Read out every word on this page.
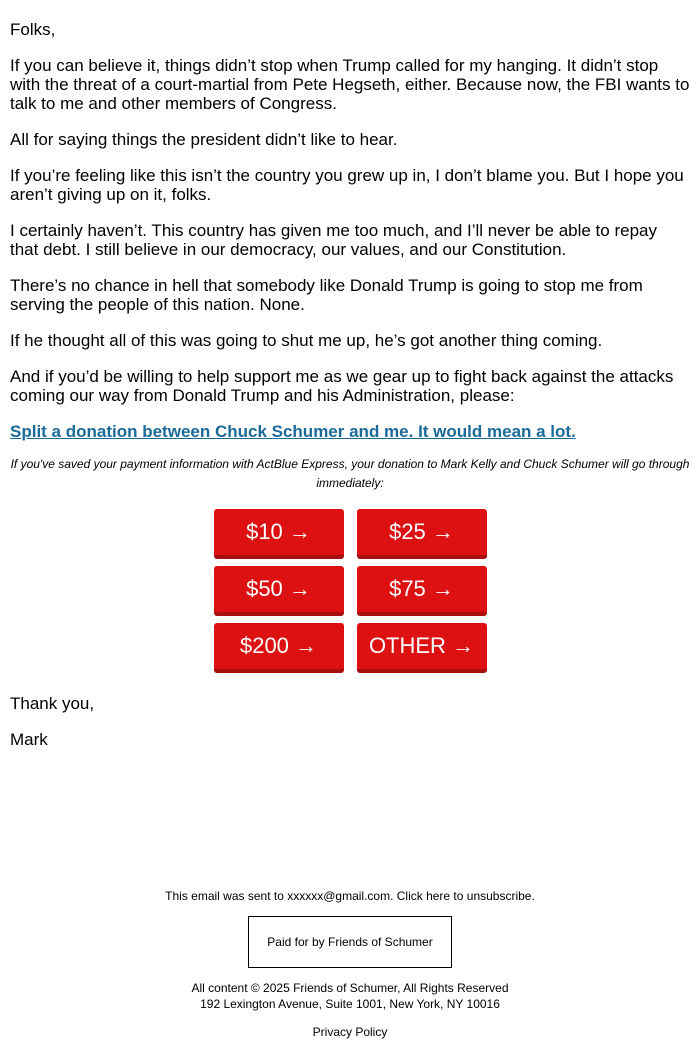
Folks,
If you can believe it, things didn’t stop when Trump called for my hanging. It didn’t stop with the threat of a court-martial from Pete Hegseth, either. Because now, the FBI wants to talk to me and other members of Congress.
All for saying things the president didn’t like to hear.
If you’re feeling like this isn’t the country you grew up in, I don’t blame you. But I hope you aren’t giving up on it, folks.
I certainly haven’t. This country has given me too much, and I’ll never be able to repay that debt. I still believe in our democracy, our values, and our Constitution.
There’s no chance in hell that somebody like Donald Trump is going to stop me from serving the people of this nation. None.
If he thought all of this was going to shut me up, he’s got another thing coming.
And if you’d be willing to help support me as we gear up to fight back against the attacks coming our way from Donald Trump and his Administration, please:
Split a donation between Chuck Schumer and me. It would mean a lot.
If you've saved your payment information with ActBlue Express, your donation to Mark Kelly and Chuck Schumer will go through immediately:
$10 →	$25 →
$50 →	$75 →
$200 →	OTHER →
Thank you,
Mark
This email was sent to xxxxxx@gmail.com. Click here to unsubscribe.
Paid for by Friends of Schumer
All content © 2025 Friends of Schumer, All Rights Reserved
192 Lexington Avenue, Suite 1001, New York, NY 10016
Privacy Policy
